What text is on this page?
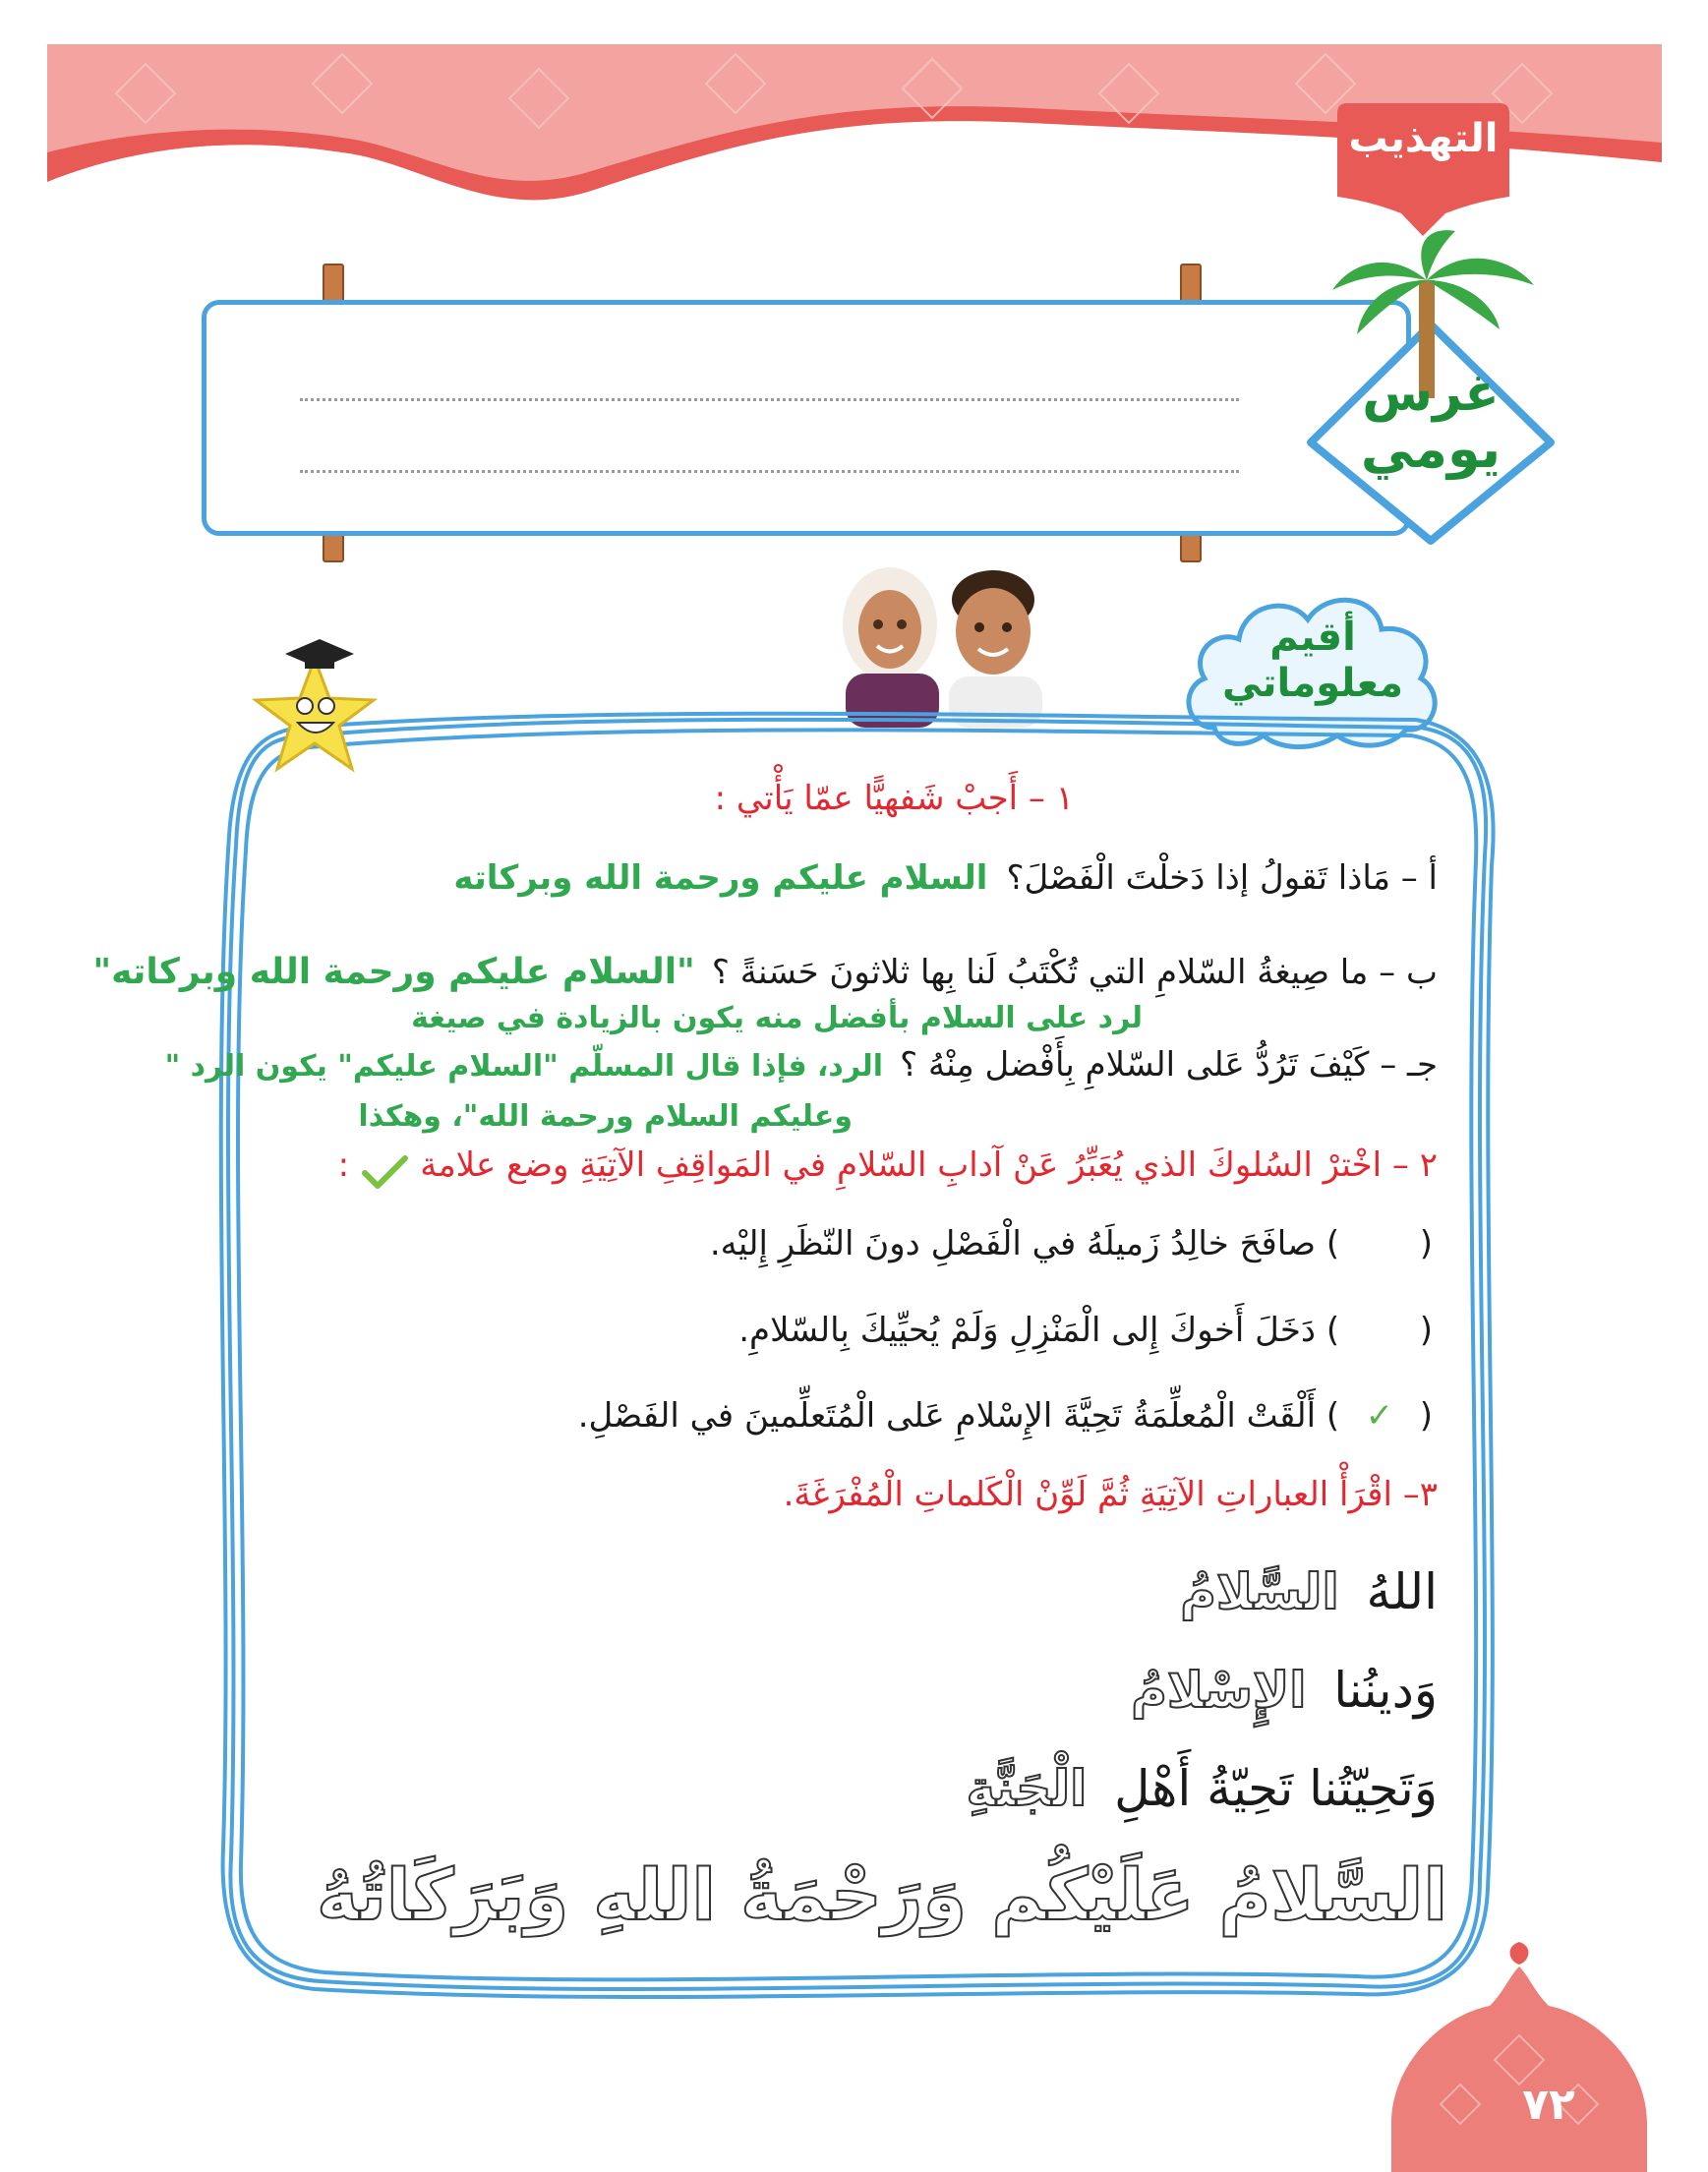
التهذيب
غرس
يومي
أقيم
معلوماتي
١ – أَجبْ شَفهيًّا عمّا يَأْتي :
أ – مَاذا تَقولُ إذا دَخلْتَ الْفَصْلَ؟ السلام عليكم ورحمة الله وبركاته
ب – ما صِيغةُ السّلامِ التي تُكْتَبُ لَنا بِها ثلاثونَ حَسَنةً ؟ "السلام عليكم ورحمة الله وبركاته"
لرد على السلام بأفضل منه يكون بالزيادة في صيغة
جـ – كَيْفَ تَرُدُّ عَلى السّلامِ بِأَفْضل مِنْهُ ؟ الرد، فإذا قال المسلّم "السلام عليكم" يكون الرد "
وعليكم السلام ورحمة الله"، وهكذا
٢ – اخْترْ السُلوكَ الذي يُعَبِّرُ عَنْ آدابِ السّلامِ في المَواقِفِ الآتِيَةِ وضع علامة  :
(  ) صافَحَ خالِدُ زَميلَهُ في الْفَصْلِ دونَ النّظَرِ إِليْه.
(  ) دَخَلَ أَخوكَ إِلى الْمَنْزِلِ وَلَمْ يُحيِّيكَ بِالسّلامِ.
( ✓ ) أَلْقَتْ الْمُعلِّمَةُ تَحِيَّةَ الإِسْلامِ عَلى الْمُتَعلِّمينَ في الفَصْلِ.
٣– اقْرَأْ العباراتِ الآتِيَةِ ثُمَّ لَوِّنْ الْكَلماتِ الْمُفْرَغَةَ.
اللهُ السَّلامُ
وَدينُنا الإِسْلامُ
وَتَحِيّتُنا تَحِيّةُ أَهْلِ الْجَنَّةِ
السَّلامُ عَلَيْكُم وَرَحْمَةُ اللهِ وَبَرَكَاتُهُ
٧٢
